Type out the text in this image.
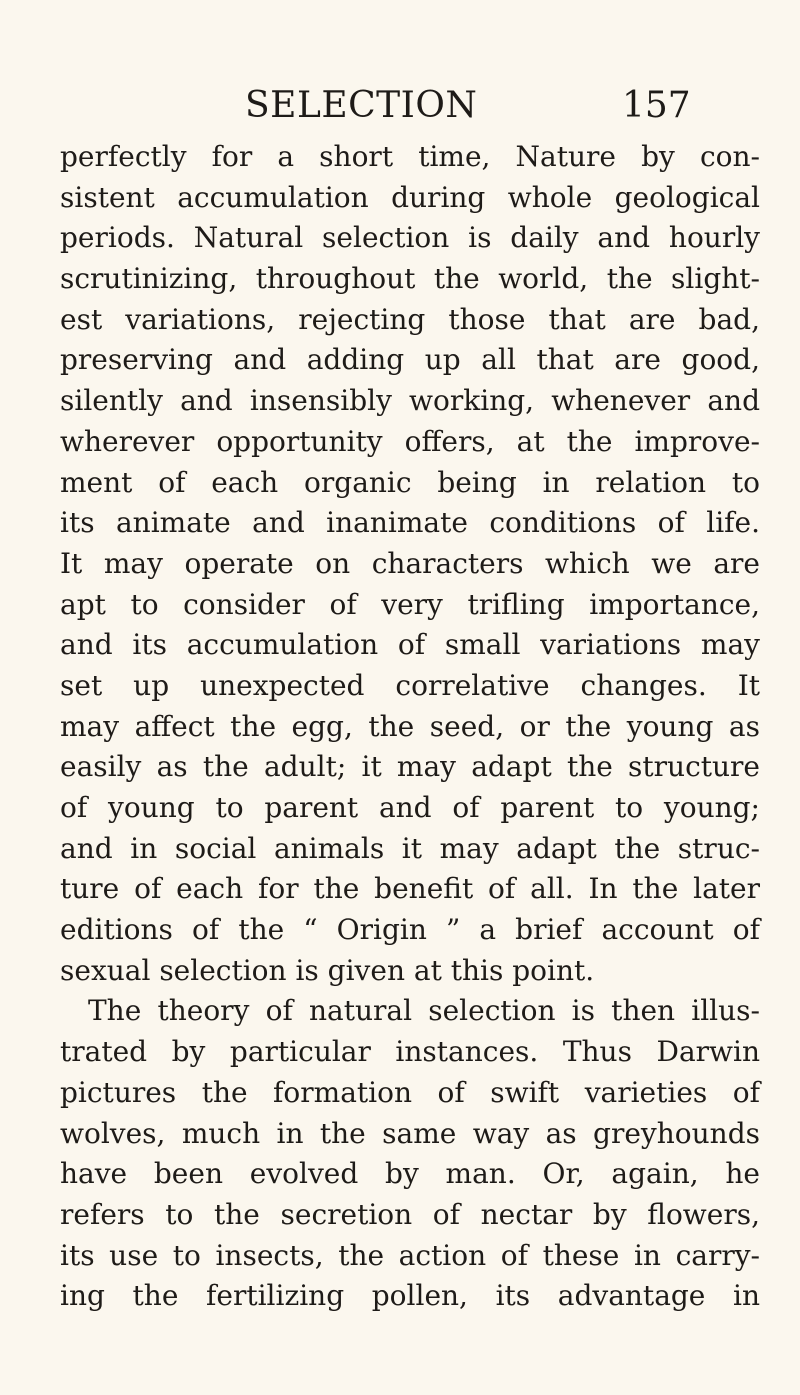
SELECTION	157
perfectly for a short time, Nature by con-
sistent accumulation during whole geological
periods. Natural selection is daily and hourly
scrutinizing, throughout the world, the slight-
est variations, rejecting those that are bad,
preserving and adding up all that are good,
silently and insensibly working, whenever and
wherever opportunity offers, at the improve-
ment of each organic being in relation to
its animate and inanimate conditions of life.
It may operate on characters which we are
apt to consider of very trifling importance,
and its accumulation of small variations may
set up unexpected correlative changes. It
may affect the egg, the seed, or the young as
easily as the adult; it may adapt the structure
of young to parent and of parent to young;
and in social animals it may adapt the struc-
ture of each for the benefit of all. In the later
editions of the “ Origin ” a brief account of
sexual selection is given at this point.
The theory of natural selection is then illus-
trated by particular instances. Thus Darwin
pictures the formation of swift varieties of
wolves, much in the same way as greyhounds
have been evolved by man. Or, again, he
refers to the secretion of nectar by flowers,
its use to insects, the action of these in carry-
ing the fertilizing pollen, its advantage in
